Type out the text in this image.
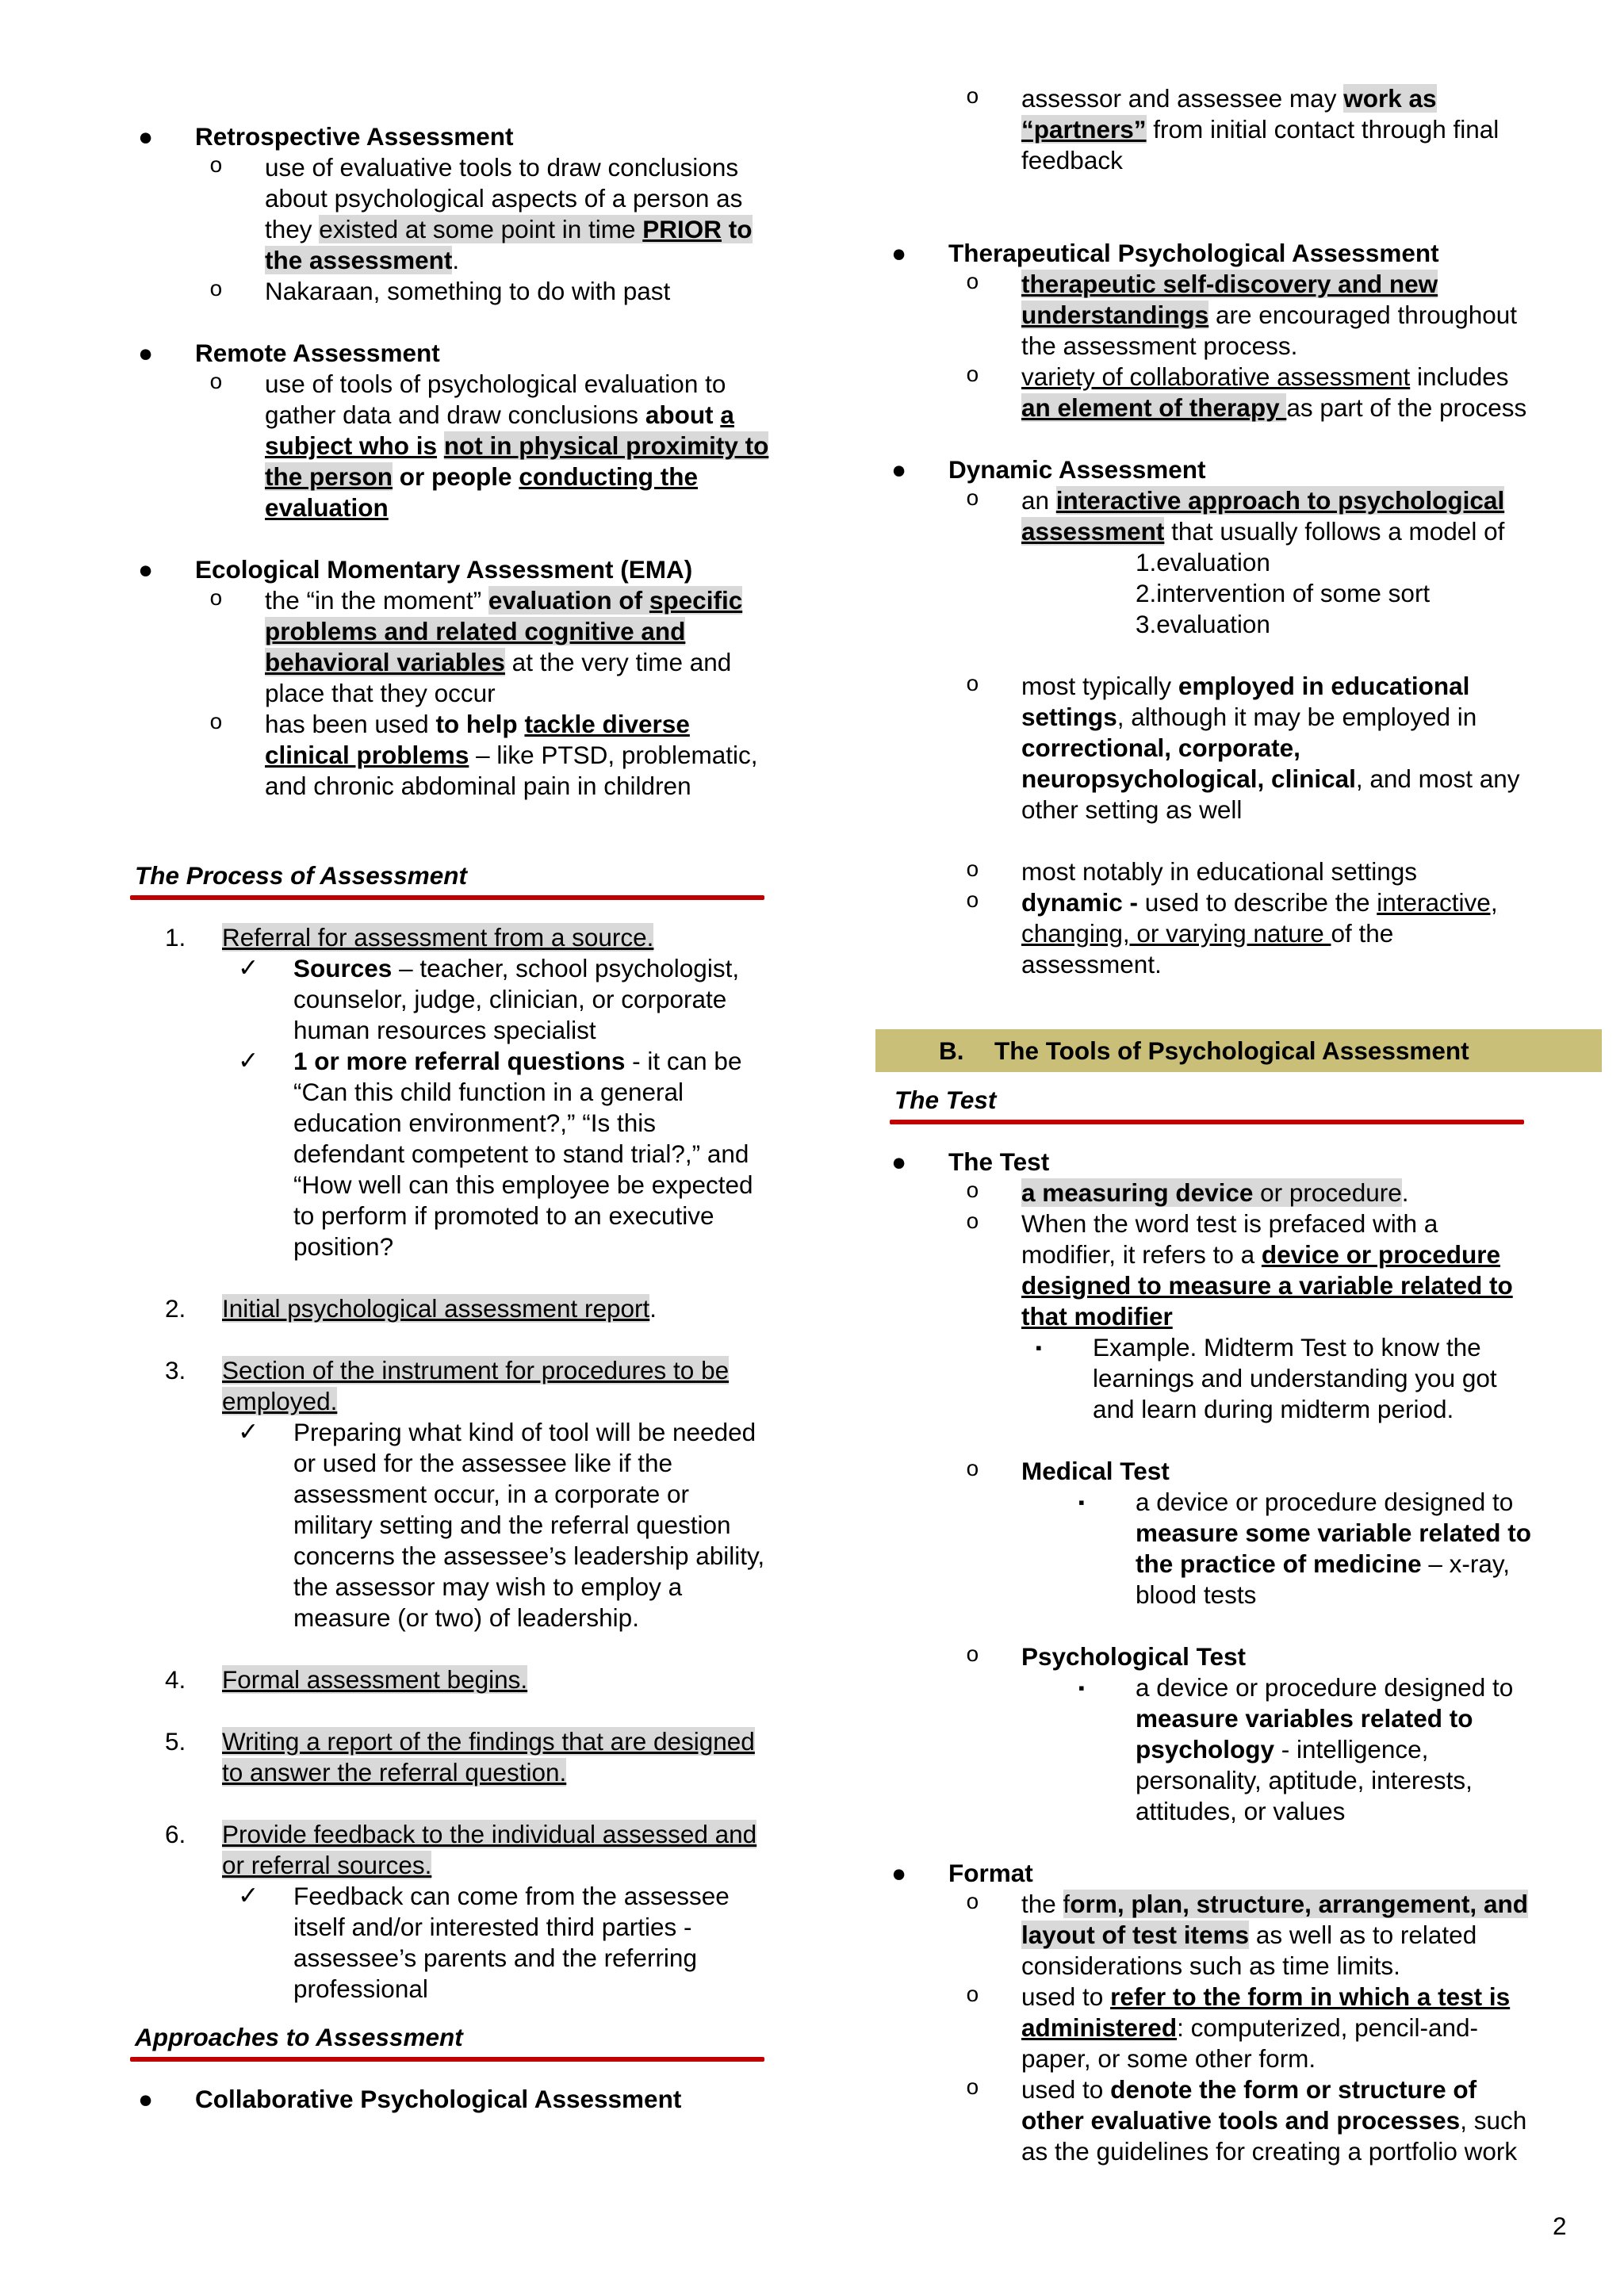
● Retrospective Assessment
o use of evaluative tools to draw conclusions
about psychological aspects of a person as
they existed at some point in time PRIOR to
the assessment.
o Nakaraan, something to do with past
● Remote Assessment
o use of tools of psychological evaluation to
gather data and draw conclusions about a
subject who is not in physical proximity to
the person or people conducting the
evaluation
● Ecological Momentary Assessment (EMA)
o the “in the moment” evaluation of specific
problems and related cognitive and
behavioral variables at the very time and
place that they occur
o has been used to help tackle diverse
clinical problems – like PTSD, problematic,
and chronic abdominal pain in children
The Process of Assessment
1. Referral for assessment from a source.
✓ Sources – teacher, school psychologist,
counselor, judge, clinician, or corporate
human resources specialist
✓ 1 or more referral questions - it can be
“Can this child function in a general
education environment?,” “Is this
defendant competent to stand trial?,” and
“How well can this employee be expected
to perform if promoted to an executive
position?
2. Initial psychological assessment report.
3. Section of the instrument for procedures to be
employed.
✓ Preparing what kind of tool will be needed
or used for the assessee like if the
assessment occur, in a corporate or
military setting and the referral question
concerns the assessee’s leadership ability,
the assessor may wish to employ a
measure (or two) of leadership.
4. Formal assessment begins.
5. Writing a report of the findings that are designed
to answer the referral question.
6. Provide feedback to the individual assessed and
or referral sources.
✓ Feedback can come from the assessee
itself and/or interested third parties -
assessee’s parents and the referring
professional
Approaches to Assessment
● Collaborative Psychological Assessment
o assessor and assessee may work as
“partners” from initial contact through final
feedback
● Therapeutical Psychological Assessment
o therapeutic self-discovery and new
understandings are encouraged throughout
the assessment process.
o variety of collaborative assessment includes
an element of therapy as part of the process
● Dynamic Assessment
o an interactive approach to psychological
assessment that usually follows a model of
1.evaluation
2.intervention of some sort
3.evaluation
o most typically employed in educational
settings, although it may be employed in
correctional, corporate,
neuropsychological, clinical, and most any
other setting as well
o most notably in educational settings
o dynamic - used to describe the interactive,
changing, or varying nature of the
assessment.
B. The Tools of Psychological Assessment
The Test
● The Test
o a measuring device or procedure.
o When the word test is prefaced with a
modifier, it refers to a device or procedure
designed to measure a variable related to
that modifier
▪ Example. Midterm Test to know the
learnings and understanding you got
and learn during midterm period.
o Medical Test
▪ a device or procedure designed to
measure some variable related to
the practice of medicine – x-ray,
blood tests
o Psychological Test
▪ a device or procedure designed to
measure variables related to
psychology - intelligence,
personality, aptitude, interests,
attitudes, or values
● Format
o the form, plan, structure, arrangement, and
layout of test items as well as to related
considerations such as time limits.
o used to refer to the form in which a test is
administered: computerized, pencil-and-
paper, or some other form.
o used to denote the form or structure of
other evaluative tools and processes, such
as the guidelines for creating a portfolio work
2
